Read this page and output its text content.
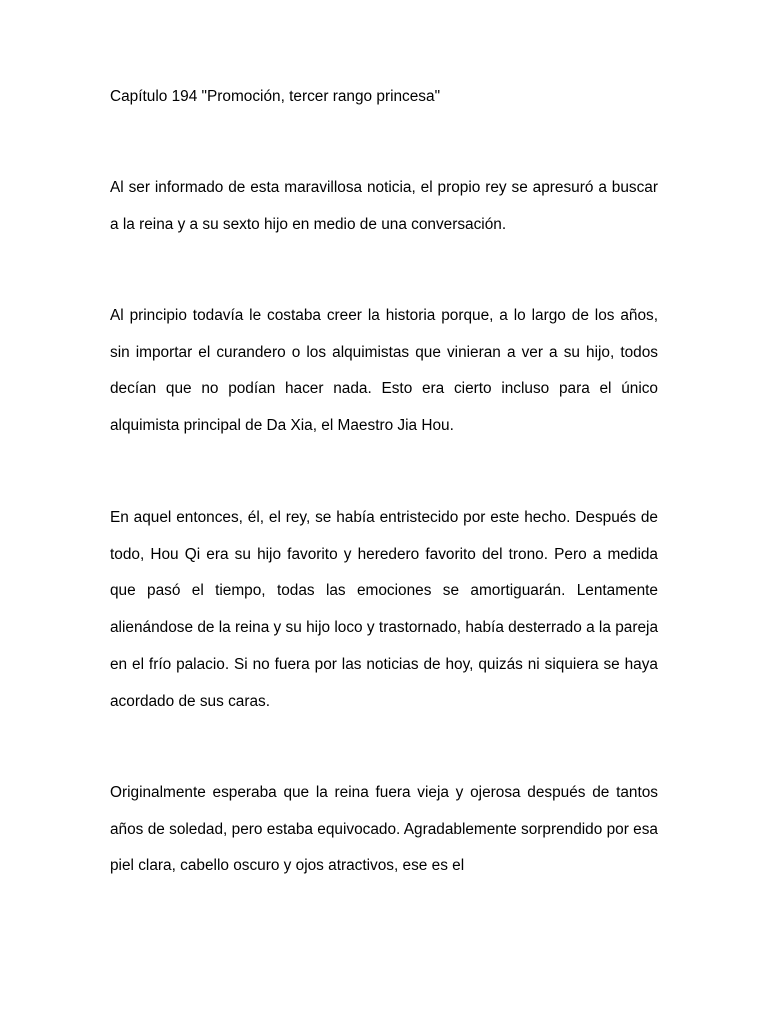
Capítulo 194 "Promoción, tercer rango princesa"

Al ser informado de esta maravillosa noticia, el propio rey se apresuró a buscar a la reina y a su sexto hijo en medio de una conversación.

Al principio todavía le costaba creer la historia porque, a lo largo de los años, sin importar el curandero o los alquimistas que vinieran a ver a su hijo, todos decían que no podían hacer nada. Esto era cierto incluso para el único alquimista principal de Da Xia, el Maestro Jia Hou.

En aquel entonces, él, el rey, se había entristecido por este hecho. Después de todo, Hou Qi era su hijo favorito y heredero favorito del trono. Pero a medida que pasó el tiempo, todas las emociones se amortiguarán. Lentamente alienándose de la reina y su hijo loco y trastornado, había desterrado a la pareja en el frío palacio. Si no fuera por las noticias de hoy, quizás ni siquiera se haya acordado de sus caras.

Originalmente esperaba que la reina fuera vieja y ojerosa después de tantos años de soledad, pero estaba equivocado. Agradablemente sorprendido por esa piel clara, cabello oscuro y ojos atractivos, ese es el
